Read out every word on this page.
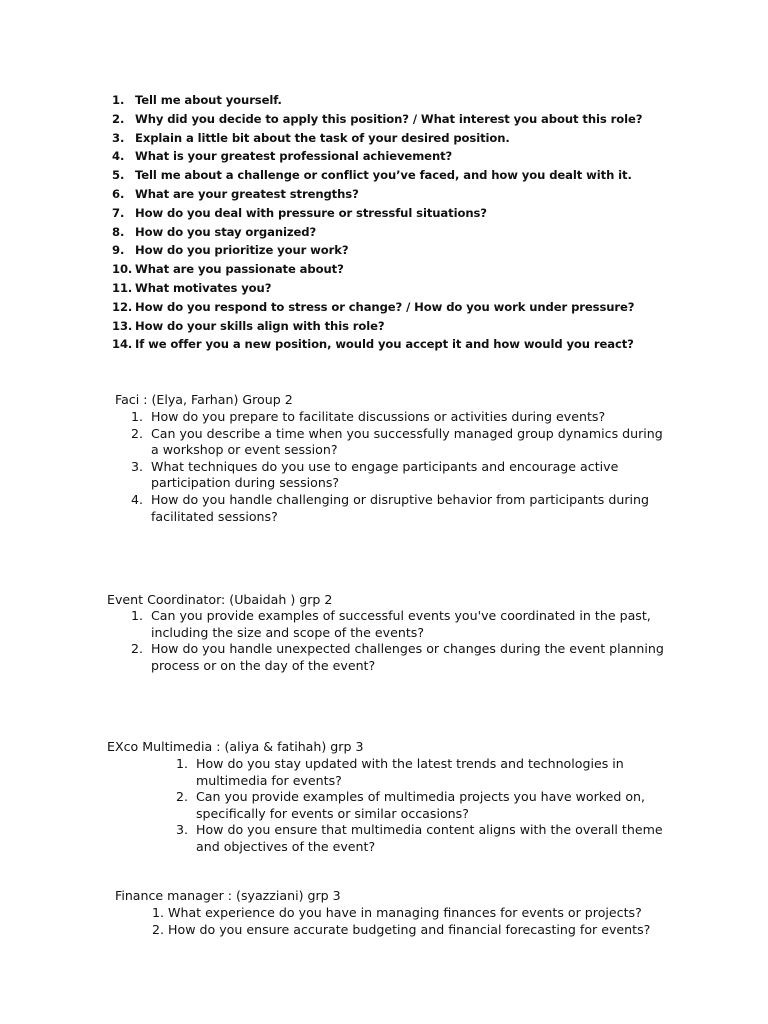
1. Tell me about yourself.
2. Why did you decide to apply this position? / What interest you about this role?
3. Explain a little bit about the task of your desired position.
4. What is your greatest professional achievement?
5. Tell me about a challenge or conflict you’ve faced, and how you dealt with it.
6. What are your greatest strengths?
7. How do you deal with pressure or stressful situations?
8. How do you stay organized?
9. How do you prioritize your work?
10. What are you passionate about?
11. What motivates you?
12. How do you respond to stress or change? / How do you work under pressure?
13. How do your skills align with this role?
14. If we offer you a new position, would you accept it and how would you react?
Faci : (Elya, Farhan) Group 2
1. How do you prepare to facilitate discussions or activities during events?
2. Can you describe a time when you successfully managed group dynamics during a workshop or event session?
3. What techniques do you use to engage participants and encourage active participation during sessions?
4. How do you handle challenging or disruptive behavior from participants during facilitated sessions?
Event Coordinator: (Ubaidah ) grp 2
1. Can you provide examples of successful events you've coordinated in the past, including the size and scope of the events?
2. How do you handle unexpected challenges or changes during the event planning process or on the day of the event?
EXco Multimedia : (aliya & fatihah) grp 3
1. How do you stay updated with the latest trends and technologies in multimedia for events?
2. Can you provide examples of multimedia projects you have worked on, specifically for events or similar occasions?
3. How do you ensure that multimedia content aligns with the overall theme and objectives of the event?
Finance manager : (syazziani) grp 3
1. What experience do you have in managing finances for events or projects?
2. How do you ensure accurate budgeting and financial forecasting for events?
